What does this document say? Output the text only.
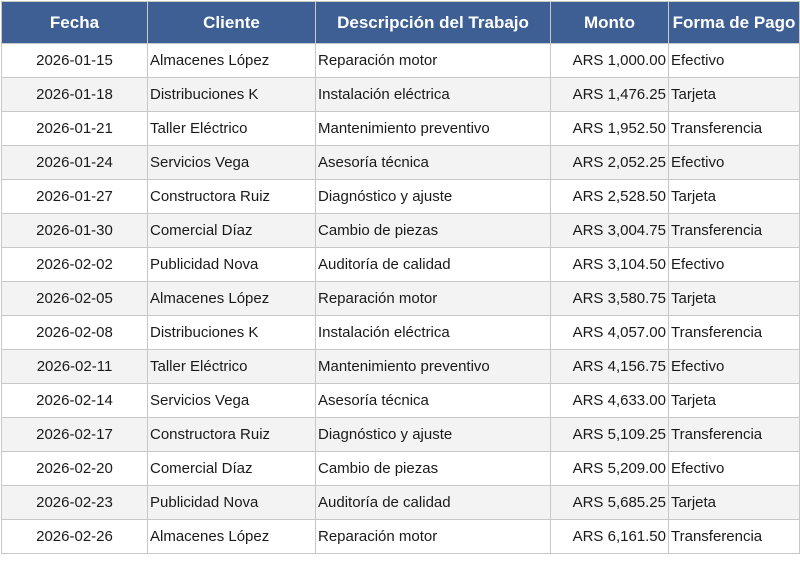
Fecha	Cliente	Descripción del Trabajo	Monto	Forma de Pago
2026-01-15	Almacenes López	Reparación motor	ARS 1,000.00	Efectivo
2026-01-18	Distribuciones K	Instalación eléctrica	ARS 1,476.25	Tarjeta
2026-01-21	Taller Eléctrico	Mantenimiento preventivo	ARS 1,952.50	Transferencia
2026-01-24	Servicios Vega	Asesoría técnica	ARS 2,052.25	Efectivo
2026-01-27	Constructora Ruiz	Diagnóstico y ajuste	ARS 2,528.50	Tarjeta
2026-01-30	Comercial Díaz	Cambio de piezas	ARS 3,004.75	Transferencia
2026-02-02	Publicidad Nova	Auditoría de calidad	ARS 3,104.50	Efectivo
2026-02-05	Almacenes López	Reparación motor	ARS 3,580.75	Tarjeta
2026-02-08	Distribuciones K	Instalación eléctrica	ARS 4,057.00	Transferencia
2026-02-11	Taller Eléctrico	Mantenimiento preventivo	ARS 4,156.75	Efectivo
2026-02-14	Servicios Vega	Asesoría técnica	ARS 4,633.00	Tarjeta
2026-02-17	Constructora Ruiz	Diagnóstico y ajuste	ARS 5,109.25	Transferencia
2026-02-20	Comercial Díaz	Cambio de piezas	ARS 5,209.00	Efectivo
2026-02-23	Publicidad Nova	Auditoría de calidad	ARS 5,685.25	Tarjeta
2026-02-26	Almacenes López	Reparación motor	ARS 6,161.50	Transferencia
